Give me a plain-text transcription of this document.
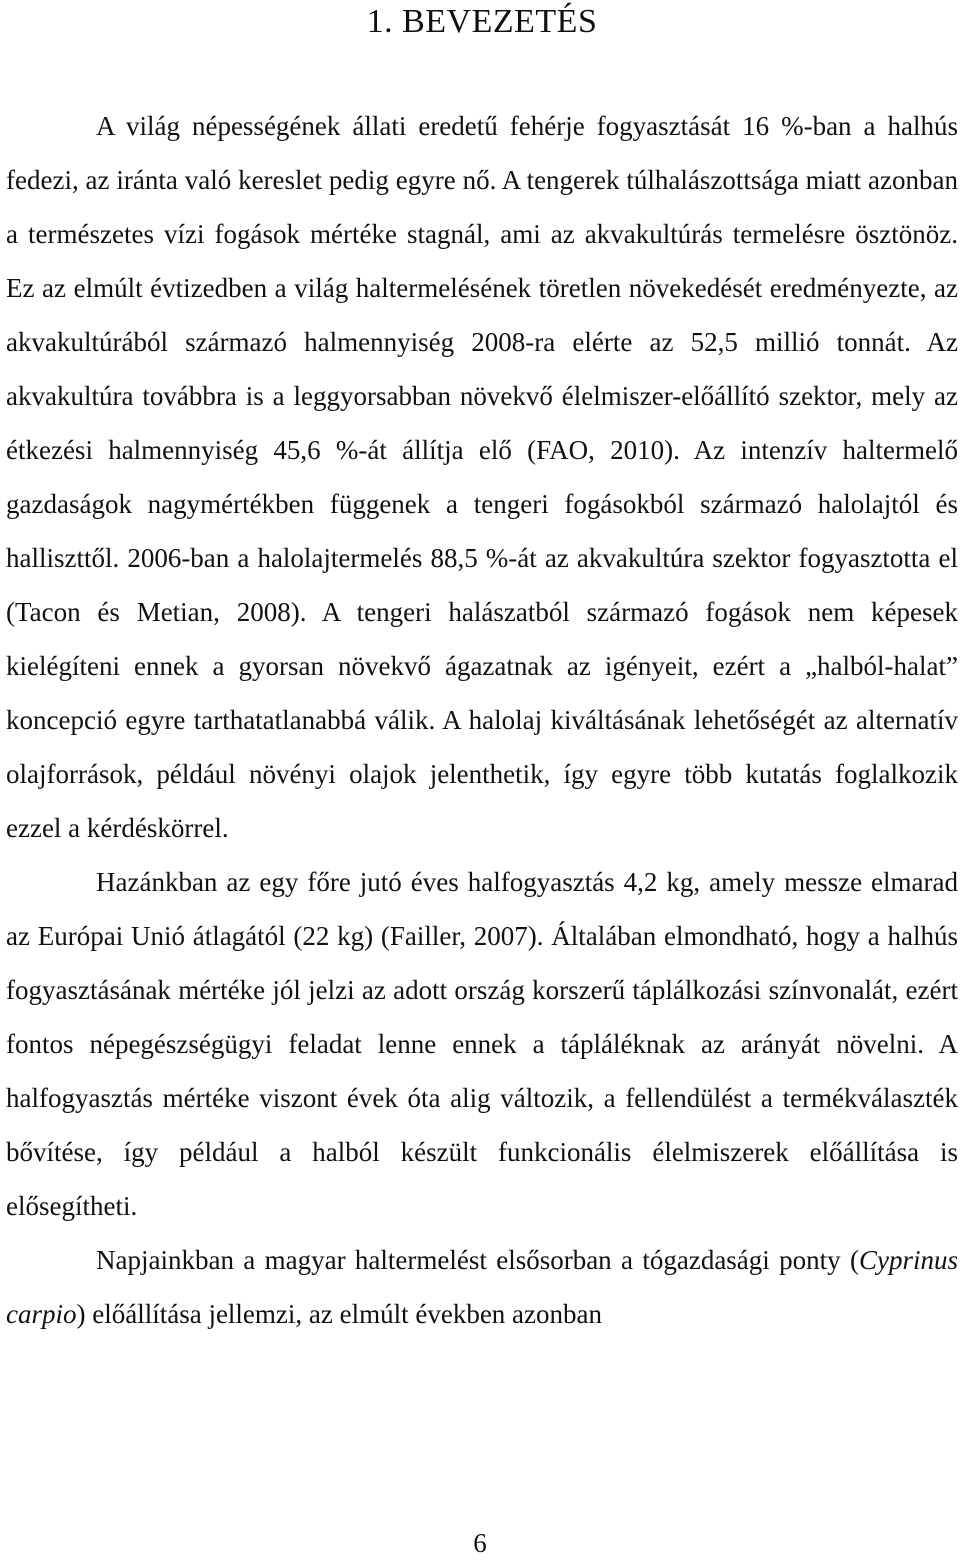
1. BEVEZETÉS

A világ népességének állati eredetű fehérje fogyasztását 16 %-ban a halhús fedezi, az iránta való kereslet pedig egyre nő. A tengerek túlhalászottsága miatt azonban a természetes vízi fogások mértéke stagnál, ami az akvakultúrás termelésre ösztönöz. Ez az elmúlt évtizedben a világ haltermelésének töretlen növekedését eredményezte, az akvakultúrából származó halmennyiség 2008-ra elérte az 52,5 millió tonnát. Az akvakultúra továbbra is a leggyorsabban növekvő élelmiszer-előállító szektor, mely az étkezési halmennyiség 45,6 %-át állítja elő (FAO, 2010). Az intenzív haltermelő gazdaságok nagymértékben függenek a tengeri fogásokból származó halolajtól és halliszttől. 2006-ban a halolajtermelés 88,5 %-át az akvakultúra szektor fogyasztotta el (Tacon és Metian, 2008). A tengeri halászatból származó fogások nem képesek kielégíteni ennek a gyorsan növekvő ágazatnak az igényeit, ezért a „halból-halat” koncepció egyre tarthatatlanabbá válik. A halolaj kiváltásának lehetőségét az alternatív olajforrások, például növényi olajok jelenthetik, így egyre több kutatás foglalkozik ezzel a kérdéskörrel.

Hazánkban az egy főre jutó éves halfogyasztás 4,2 kg, amely messze elmarad az Európai Unió átlagától (22 kg) (Failler, 2007). Általában elmondható, hogy a halhús fogyasztásának mértéke jól jelzi az adott ország korszerű táplálkozási színvonalát, ezért fontos népegészségügyi feladat lenne ennek a tápláléknak az arányát növelni. A halfogyasztás mértéke viszont évek óta alig változik, a fellendülést a termékválaszték bővítése, így például a halból készült funkcionális élelmiszerek előállítása is elősegítheti.

Napjainkban a magyar haltermelést elsősorban a tógazdasági ponty (Cyprinus carpio) előállítása jellemzi, az elmúlt években azonban

6
